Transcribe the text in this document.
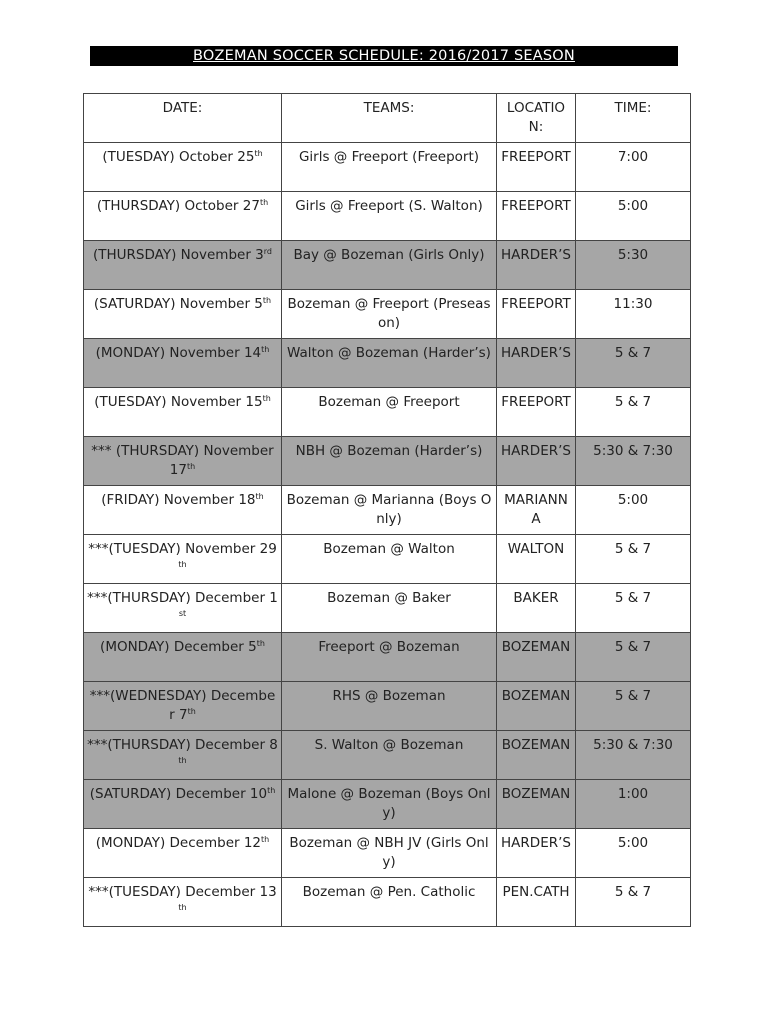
BOZEMAN SOCCER SCHEDULE: 2016/2017 SEASON
DATE:	TEAMS:	LOCATION:	TIME:
(TUESDAY) October 25th	Girls @ Freeport (Freeport)	FREEPORT	7:00
(THURSDAY) October 27th	Girls @ Freeport (S. Walton)	FREEPORT	5:00
(THURSDAY) November 3rd	Bay @ Bozeman (Girls Only)	HARDER’S	5:30
(SATURDAY) November 5th	Bozeman @ Freeport (Preseason)	FREEPORT	11:30
(MONDAY) November 14th	Walton @ Bozeman (Harder’s)	HARDER’S	5 & 7
(TUESDAY) November 15th	Bozeman @ Freeport	FREEPORT	5 & 7
*** (THURSDAY) November 17th	NBH @ Bozeman (Harder’s)	HARDER’S	5:30 & 7:30
(FRIDAY) November 18th	Bozeman @ Marianna (Boys Only)	MARIANNA	5:00
***(TUESDAY) November 29th	Bozeman @ Walton	WALTON	5 & 7
***(THURSDAY) December 1st	Bozeman @ Baker	BAKER	5 & 7
(MONDAY) December 5th	Freeport @ Bozeman	BOZEMAN	5 & 7
***(WEDNESDAY) December 7th	RHS @ Bozeman	BOZEMAN	5 & 7
***(THURSDAY) December 8th	S. Walton @ Bozeman	BOZEMAN	5:30 & 7:30
(SATURDAY) December 10th	Malone @ Bozeman (Boys Only)	BOZEMAN	1:00
(MONDAY) December 12th	Bozeman @ NBH JV (Girls Only)	HARDER’S	5:00
***(TUESDAY) December 13th	Bozeman @ Pen. Catholic	PEN.CATH	5 & 7
